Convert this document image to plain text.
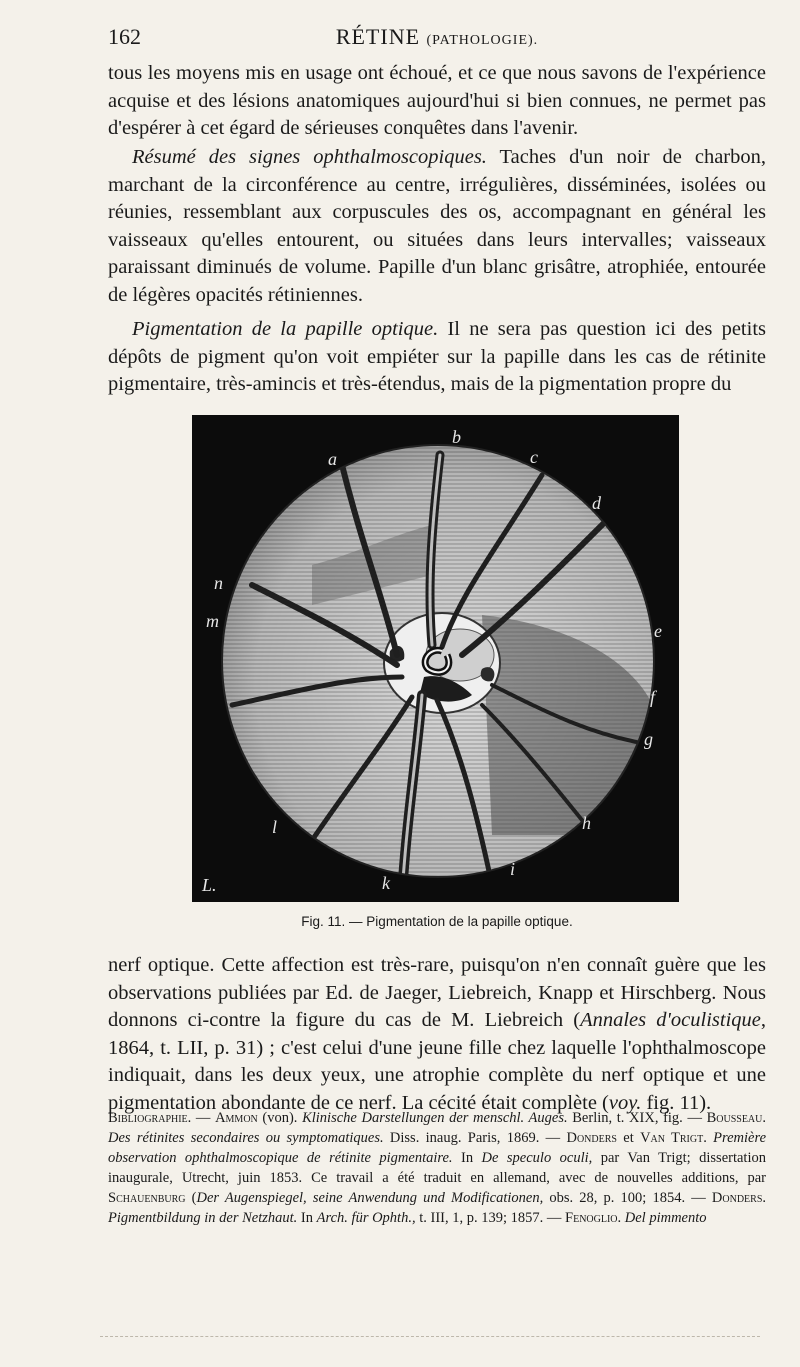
162	RÉTINE (PATHOLOGIE).

tous les moyens mis en usage ont échoué, et ce que nous savons de l'expérience acquise et des lésions anatomiques aujourd'hui si bien connues, ne permet pas d'espérer à cet égard de sérieuses conquêtes dans l'avenir.

Résumé des signes ophthalmoscopiques. Taches d'un noir de charbon, marchant de la circonférence au centre, irrégulières, disséminées, isolées ou réunies, ressemblant aux corpuscules des os, accompagnant en général les vaisseaux qu'elles entourent, ou situées dans leurs intervalles; vaisseaux paraissant diminués de volume. Papille d'un blanc grisâtre, atrophiée, entourée de légères opacités rétiniennes.

Pigmentation de la papille optique. Il ne sera pas question ici des petits dépôts de pigment qu'on voit empiéter sur la papille dans les cas de rétinite pigmentaire, très-amincis et très-étendus, mais de la pigmentation propre du

a
b
c
d
e
f
g
h
i
k
l
L.
m
n
Fig. 11. — Pigmentation de la papille optique.

nerf optique. Cette affection est très-rare, puisqu'on n'en connaît guère que les observations publiées par Ed. de Jaeger, Liebreich, Knapp et Hirschberg. Nous donnons ci-contre la figure du cas de M. Liebreich (Annales d'oculistique, 1864, t. LII, p. 31) ; c'est celui d'une jeune fille chez laquelle l'ophthalmoscope indiquait, dans les deux yeux, une atrophie complète du nerf optique et une pigmentation abondante de ce nerf. La cécité était complète (voy. fig. 11).

Bibliographie. — Ammon (von). Klinische Darstellungen der menschl. Auges. Berlin, t. XIX, fig. — Bousseau. Des rétinites secondaires ou symptomatiques. Diss. inaug. Paris, 1869. — Donders et Van Trigt. Première observation ophthalmoscopique de rétinite pigmentaire. In De speculo oculi, par Van Trigt; dissertation inaugurale, Utrecht, juin 1853. Ce travail a été traduit en allemand, avec de nouvelles additions, par Schauenburg (Der Augenspiegel, seine Anwendung und Modificationen, obs. 28, p. 100; 1854. — Donders. Pigmentbildung in der Netzhaut. In Arch. für Ophth., t. III, 1, p. 139; 1857. — Fenoglio. Del pimmento
